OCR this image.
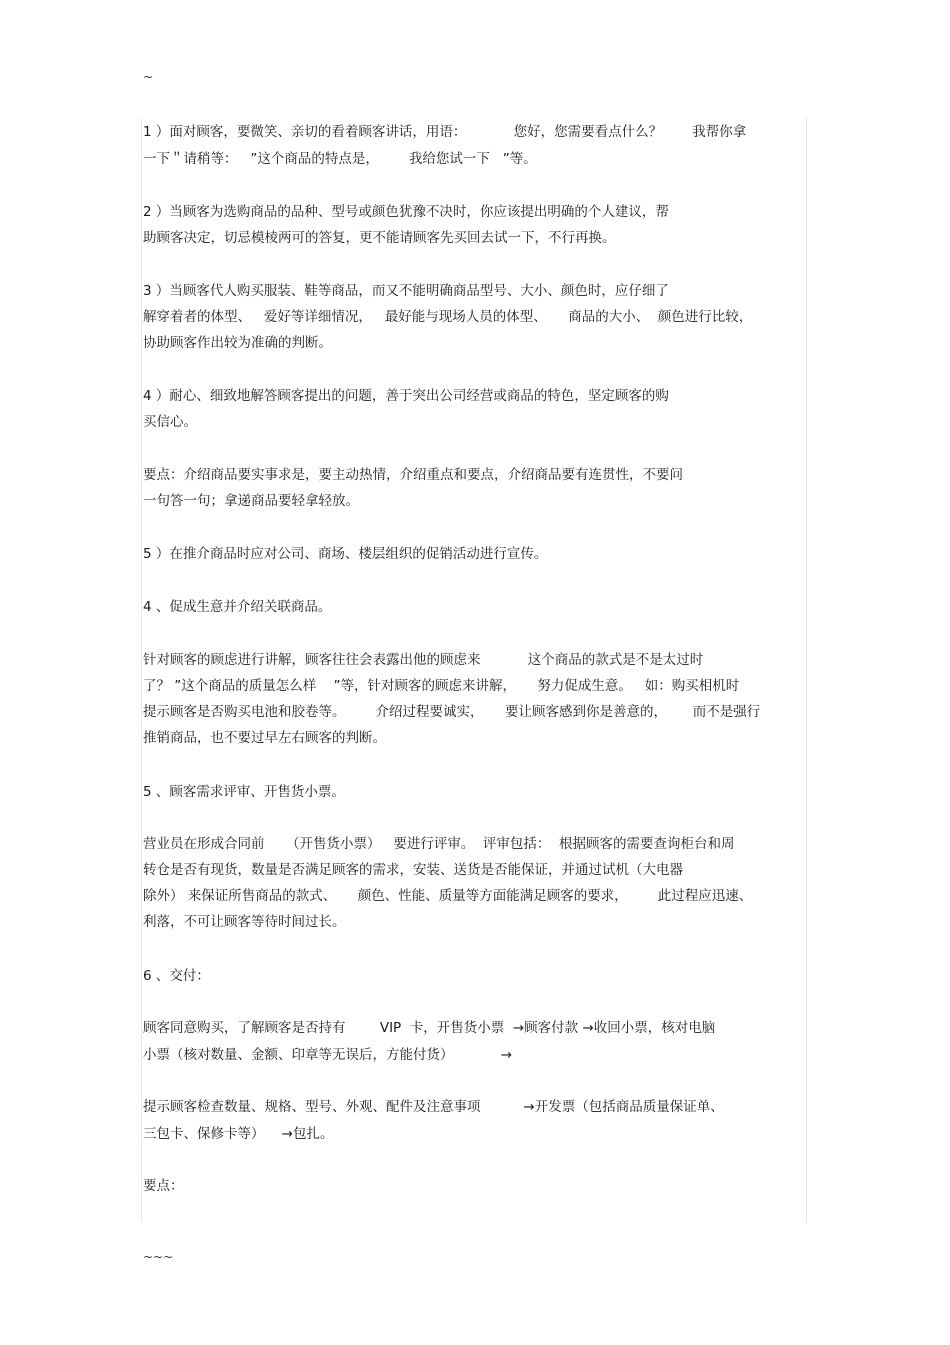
~
1 ）面对顾客，要微笑、亲切的看着顾客讲话，用语：           您好，您需要看点什么？       我帮你拿
一下＂请稍等：   ”这个商品的特点是，       我给您试一下   ”等。
2 ）当顾客为选购商品的品种、型号或颜色犹豫不决时，你应该提出明确的个人建议，帮
助顾客决定，切忌模棱两可的答复，更不能请顾客先买回去试一下，不行再换。
3 ）当顾客代人购买服装、鞋等商品，而又不能明确商品型号、大小、颜色时，应仔细了
解穿着者的体型、   爱好等详细情况，   最好能与现场人员的体型、     商品的大小、  颜色进行比较，
协助顾客作出较为准确的判断。
4 ）耐心、细致地解答顾客提出的问题，善于突出公司经营或商品的特色，坚定顾客的购
买信心。
要点：介绍商品要实事求是，要主动热情，介绍重点和要点，介绍商品要有连贯性，不要问
一句答一句；拿递商品要轻拿轻放。
5 ）在推介商品时应对公司、商场、楼层组织的促销活动进行宣传。
4 、促成生意并介绍关联商品。
针对顾客的顾虑进行讲解，顾客往往会表露出他的顾虑来           这个商品的款式是不是太过时
了？ ”这个商品的质量怎么样    ”等，针对顾客的顾虑来讲解，     努力促成生意。   如：购买相机时
提示顾客是否购买电池和胶卷等。       介绍过程要诚实，     要让顾客感到你是善意的，      而不是强行
推销商品，也不要过早左右顾客的判断。
5 、顾客需求评审、开售货小票。
营业员在形成合同前     （开售货小票）   要进行评审。  评审包括：  根据顾客的需要查询柜台和周
转仓是否有现货，数量是否满足顾客的需求，安装、送货是否能保证，并通过试机（大电器
除外） 来保证所售商品的款式、     颜色、性能、质量等方面能满足顾客的要求，       此过程应迅速、
利落，不可让顾客等待时间过长。
6 、交付：
顾客同意购买，了解顾客是否持有        VIP  卡，开售货小票  →顾客付款 →收回小票，核对电脑
小票（核对数量、金额、印章等无误后，方能付货）           →
提示顾客检查数量、规格、型号、外观、配件及注意事项          →开发票（包括商品质量保证单、
三包卡、保修卡等）    →包扎。
要点：
~~~
